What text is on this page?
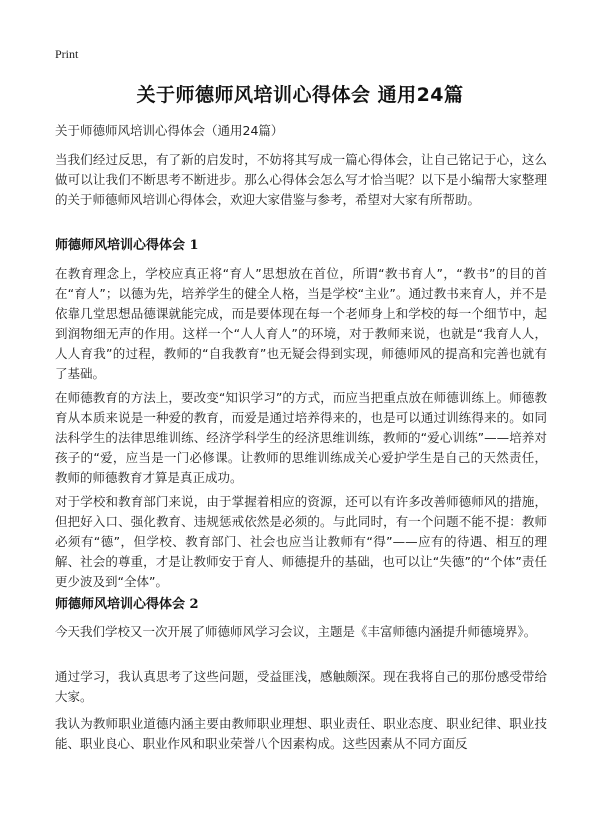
Print
关于师德师风培训心得体会 通用24篇

关于师德师风培训心得体会（通用24篇）

当我们经过反思，有了新的启发时，不妨将其写成一篇心得体会，让自己铭记于心，这么做可以让我们不断思考不断进步。那么心得体会怎么写才恰当呢？以下是小编帮大家整理的关于师德师风培训心得体会，欢迎大家借鉴与参考，希望对大家有所帮助。

师德师风培训心得体会 1

在教育理念上，学校应真正将“育人”思想放在首位，所谓“教书育人”，“教书”的目的首在“育人”；以德为先，培养学生的健全人格，当是学校“主业”。通过教书来育人，并不是依靠几堂思想品德课就能完成，而是要体现在每一个老师身上和学校的每一个细节中，起到润物细无声的作用。这样一个“人人育人”的环境，对于教师来说，也就是“我育人人，人人育我”的过程，教师的“自我教育”也无疑会得到实现，师德师风的提高和完善也就有了基础。

在师德教育的方法上，要改变“知识学习”的方式，而应当把重点放在师德训练上。师德教育从本质来说是一种爱的教育，而爱是通过培养得来的，也是可以通过训练得来的。如同法科学生的法律思维训练、经济学科学生的经济思维训练，教师的“爱心训练”——培养对孩子的“爱，应当是一门必修课。让教师的思维训练成关心爱护学生是自己的天然责任，教师的师德教育才算是真正成功。

对于学校和教育部门来说，由于掌握着相应的资源，还可以有许多改善师德师风的措施，但把好入口、强化教育、违规惩戒依然是必须的。与此同时，有一个问题不能不提：教师必须有“德”，但学校、教育部门、社会也应当让教师有“得”——应有的待遇、相互的理解、社会的尊重，才是让教师安于育人、师德提升的基础，也可以让“失德”的“个体”责任更少波及到“全体”。

师德师风培训心得体会 2

今天我们学校又一次开展了师德师风学习会议，主题是《丰富师德内涵提升师德境界》。

通过学习，我认真思考了这些问题，受益匪浅，感触颇深。现在我将自己的那份感受带给大家。

我认为教师职业道德内涵主要由教师职业理想、职业责任、职业态度、职业纪律、职业技能、职业良心、职业作风和职业荣誉八个因素构成。这些因素从不同方面反
